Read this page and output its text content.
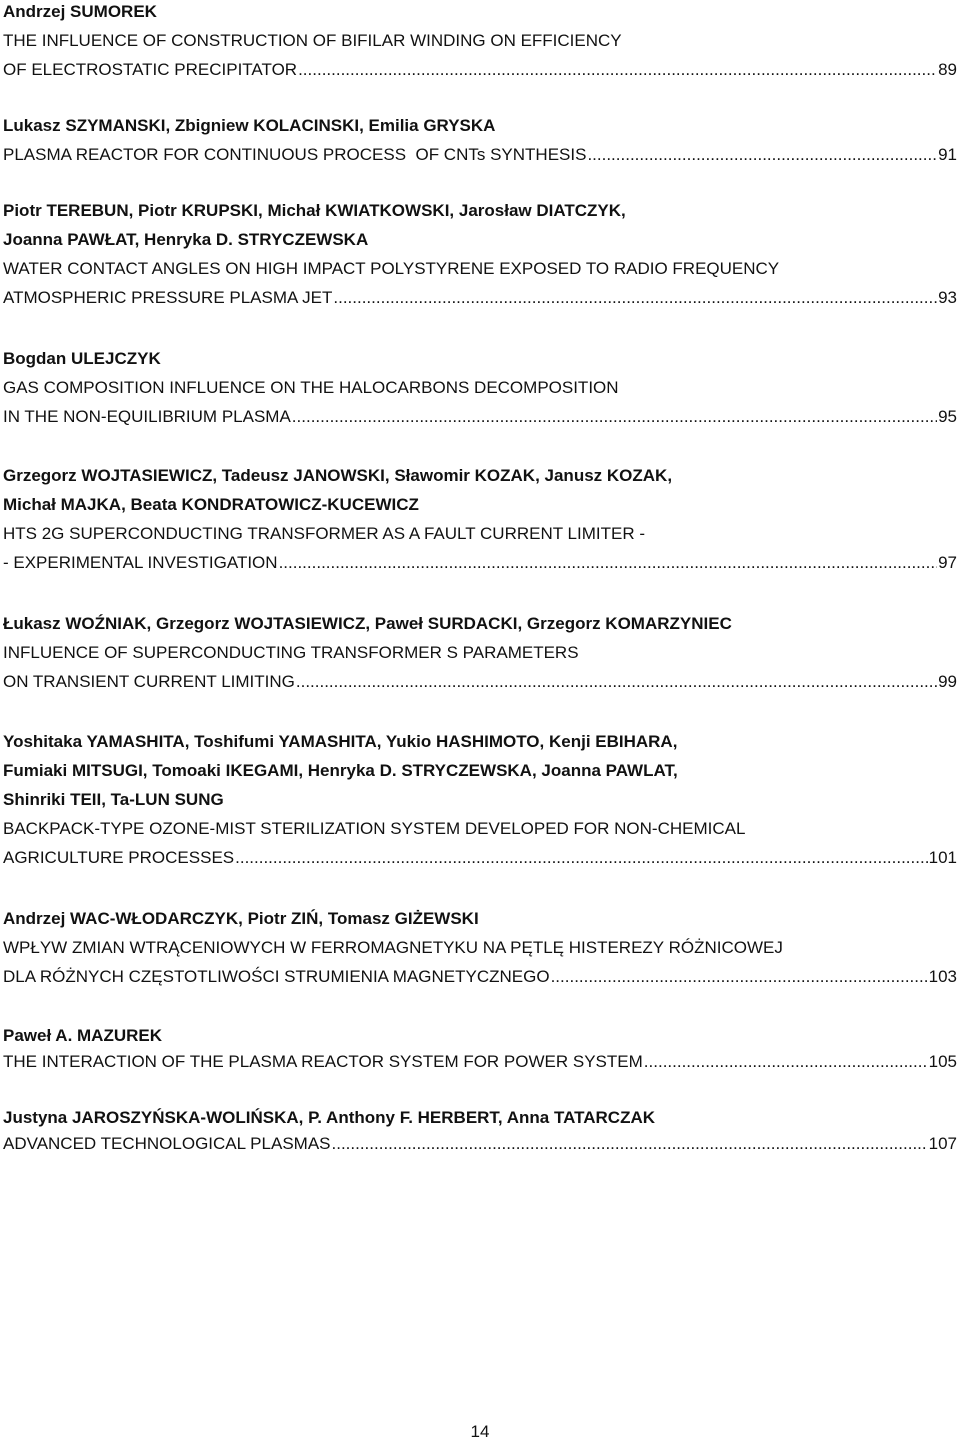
Andrzej SUMOREK
THE INFLUENCE OF CONSTRUCTION OF BIFILAR WINDING ON EFFICIENCY
OF ELECTROSTATIC PRECIPITATOR .....	89
Lukasz SZYMANSKI, Zbigniew KOLACINSKI, Emilia GRYSKA
PLASMA REACTOR FOR CONTINUOUS PROCESS  OF CNTs SYNTHESIS .....	91
Piotr TEREBUN, Piotr KRUPSKI, Michał KWIATKOWSKI, Jarosław DIATCZYK,
Joanna PAWŁAT, Henryka D. STRYCZEWSKA
WATER CONTACT ANGLES ON HIGH IMPACT POLYSTYRENE EXPOSED TO RADIO FREQUENCY
ATMOSPHERIC PRESSURE PLASMA JET .....	93
Bogdan ULEJCZYK
GAS COMPOSITION INFLUENCE ON THE HALOCARBONS DECOMPOSITION
IN THE NON-EQUILIBRIUM PLASMA .....	95
Grzegorz WOJTASIEWICZ, Tadeusz JANOWSKI, Sławomir KOZAK, Janusz KOZAK,
Michał MAJKA, Beata KONDRATOWICZ-KUCEWICZ
HTS 2G SUPERCONDUCTING TRANSFORMER AS A FAULT CURRENT LIMITER -
- EXPERIMENTAL INVESTIGATION .....	97
Łukasz WOŹNIAK, Grzegorz WOJTASIEWICZ, Paweł SURDACKI, Grzegorz KOMARZYNIEC
INFLUENCE OF SUPERCONDUCTING TRANSFORMER S PARAMETERS
ON TRANSIENT CURRENT LIMITING .....	99
Yoshitaka YAMASHITA, Toshifumi YAMASHITA, Yukio HASHIMOTO, Kenji EBIHARA,
Fumiaki MITSUGI, Tomoaki IKEGAMI, Henryka D. STRYCZEWSKA, Joanna PAWLAT,
Shinriki TEII, Ta-LUN SUNG
BACKPACK-TYPE OZONE-MIST STERILIZATION SYSTEM DEVELOPED FOR NON-CHEMICAL
AGRICULTURE PROCESSES .....	101
Andrzej WAC-WŁODARCZYK, Piotr ZIŃ, Tomasz GIŻEWSKI
WPŁYW ZMIAN WTRĄCENIOWYCH W FERROMAGNETYKU NA PĘTLĘ HISTEREZY RÓŻNICOWEJ
DLA RÓŻNYCH CZĘSTOTLIWOŚCI STRUMIENIA MAGNETYCZNEGO .....	103
Paweł A. MAZUREK
THE INTERACTION OF THE PLASMA REACTOR SYSTEM FOR POWER SYSTEM .....	105
Justyna JAROSZYŃSKA-WOLIŃSKA, P. Anthony F. HERBERT, Anna TATARCZAK
ADVANCED TECHNOLOGICAL PLASMAS .....	107
14
